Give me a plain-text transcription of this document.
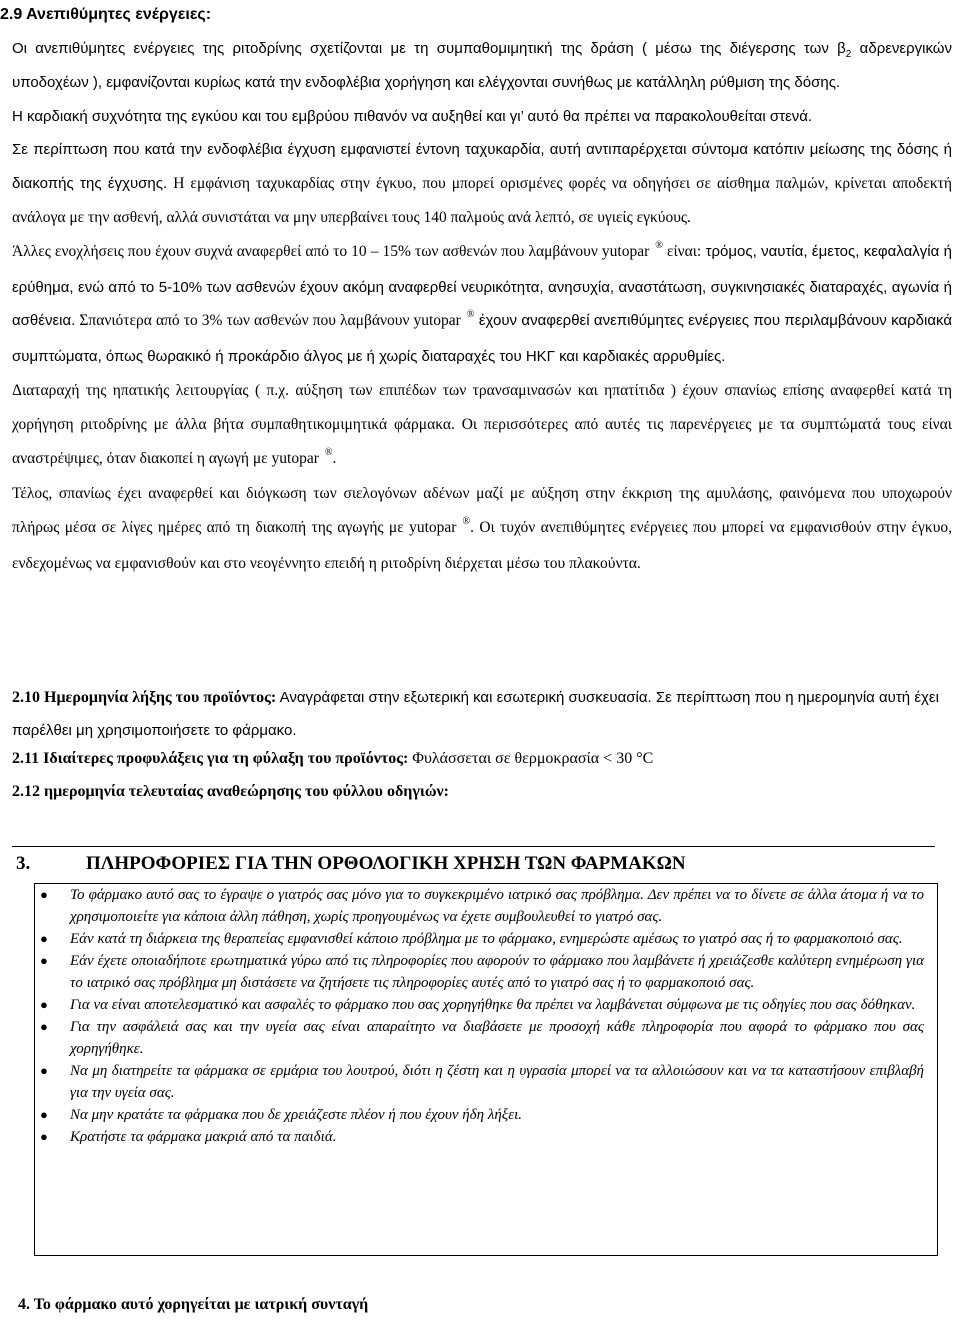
2.9 Ανεπιθύμητες ενέργειες:

Οι ανεπιθύμητες ενέργειες της ριτοδρίνης σχετίζονται με τη συμπαθομιμητική της δράση ( μέσω της διέγερσης των $\beta_2$ αδρενεργικών υποδοχέων ), εμφανίζονται κυρίως κατά την ενδοφλέβια χορήγηση και ελέγχονται συνήθως με κατάλληλη ρύθμιση της δόσης.

Η καρδιακή συχνότητα της εγκύου και του εμβρύου πιθανόν να αυξηθεί και γι’ αυτό θα πρέπει να παρακολουθείται στενά.

Σε περίπτωση που κατά την ενδοφλέβια έγχυση εμφανιστεί έντονη ταχυκαρδία, αυτή αντιπαρέρχεται σύντομα κατόπιν μείωσης της δόσης ή διακοπής της έγχυσης. Η εμφάνιση ταχυκαρδίας στην έγκυο, που μπορεί ορισμένες φορές να οδηγήσει σε αίσθημα παλμών, κρίνεται αποδεκτή ανάλογα με την ασθενή, αλλά συνιστάται να μην υπερβαίνει τους 140 παλμούς ανά λεπτό, σε υγιείς εγκύους.

Άλλες ενοχλήσεις που έχουν συχνά αναφερθεί από το 10 – 15% των ασθενών που λαμβάνουν yutopar ® είναι: τρόμος, ναυτία, έμετος, κεφαλαλγία ή ερύθημα, ενώ από το 5-10% των ασθενών έχουν ακόμη αναφερθεί νευρικότητα, ανησυχία, αναστάτωση, συγκινησιακές διαταραχές, αγωνία ή ασθένεια. Σπανιότερα από το 3% των ασθενών που λαμβάνουν yutopar ® έχουν αναφερθεί ανεπιθύμητες ενέργειες που περιλαμβάνουν καρδιακά συμπτώματα, όπως θωρακικό ή προκάρδιο άλγος με ή χωρίς διαταραχές του ΗΚΓ και καρδιακές αρρυθμίες.

Διαταραχή της ηπατικής λειτουργίας ( π.χ. αύξηση των επιπέδων των τρανσαμινασών και ηπατίτιδα ) έχουν σπανίως επίσης αναφερθεί κατά τη χορήγηση ριτοδρίνης με άλλα βήτα συμπαθητικομιμητικά φάρμακα. Οι περισσότερες από αυτές τις παρενέργειες με τα συμπτώματά τους είναι αναστρέψιμες, όταν διακοπεί η αγωγή με yutopar ®.

Τέλος, σπανίως έχει αναφερθεί και διόγκωση των σιελογόνων αδένων μαζί με αύξηση στην έκκριση της αμυλάσης, φαινόμενα που υποχωρούν πλήρως μέσα σε λίγες ημέρες από τη διακοπή της αγωγής με yutopar ®. Οι τυχόν ανεπιθύμητες ενέργειες που μπορεί να εμφανισθούν στην έγκυο, ενδεχομένως να εμφανισθούν και στο νεογέννητο επειδή η ριτοδρίνη διέρχεται μέσω του πλακούντα.

2.10 Ημερομηνία λήξης του προϊόντος: Αναγράφεται στην εξωτερική και εσωτερική συσκευασία. Σε περίπτωση που η ημερομηνία αυτή έχει παρέλθει μη χρησιμοποιήσετε το φάρμακο.
2.11 Ιδιαίτερες προφυλάξεις για τη φύλαξη του προϊόντος: Φυλάσσεται σε θερμοκρασία < 30 °C
2.12 ημερομηνία τελευταίας αναθεώρησης του φύλλου οδηγιών:
3.	ΠΛΗΡΟΦΟΡΙΕΣ ΓΙΑ ΤΗΝ ΟΡΘΟΛΟΓΙΚΗ ΧΡΗΣΗ ΤΩΝ ΦΑΡΜΑΚΩΝ
● Το φάρμακο αυτό σας το έγραψε ο γιατρός σας μόνο για το συγκεκριμένο ιατρικό σας πρόβλημα. Δεν πρέπει να το δίνετε σε άλλα άτομα ή να το χρησιμοποιείτε για κάποια άλλη πάθηση, χωρίς προηγουμένως να έχετε συμβουλευθεί το γιατρό σας.
● Εάν κατά τη διάρκεια της θεραπείας εμφανισθεί κάποιο πρόβλημα με το φάρμακο, ενημερώστε αμέσως το γιατρό σας ή το φαρμακοποιό σας.
● Εάν έχετε οποιαδήποτε ερωτηματικά γύρω από τις πληροφορίες που αφορούν το φάρμακο που λαμβάνετε ή χρειάζεσθε καλύτερη ενημέρωση για το ιατρικό σας πρόβλημα μη διστάσετε να ζητήσετε τις πληροφορίες αυτές από το γιατρό σας ή το φαρμακοποιό σας.
● Για να είναι αποτελεσματικό και ασφαλές το φάρμακο που σας χορηγήθηκε θα πρέπει να λαμβάνεται σύμφωνα με τις οδηγίες που σας δόθηκαν.
● Για την ασφάλειά σας και την υγεία σας είναι απαραίτητο να διαβάσετε με προσοχή κάθε πληροφορία που αφορά το φάρμακο που σας χορηγήθηκε.
● Να μη διατηρείτε τα φάρμακα σε ερμάρια του λουτρού, διότι η ζέστη και η υγρασία μπορεί να τα αλλοιώσουν και να τα καταστήσουν επιβλαβή για την υγεία σας.
● Να μην κρατάτε τα φάρμακα που δε χρειάζεστε πλέον ή που έχουν ήδη λήξει.
● Κρατήστε τα φάρμακα μακριά από τα παιδιά.
4. Το φάρμακο αυτό χορηγείται με ιατρική συνταγή
